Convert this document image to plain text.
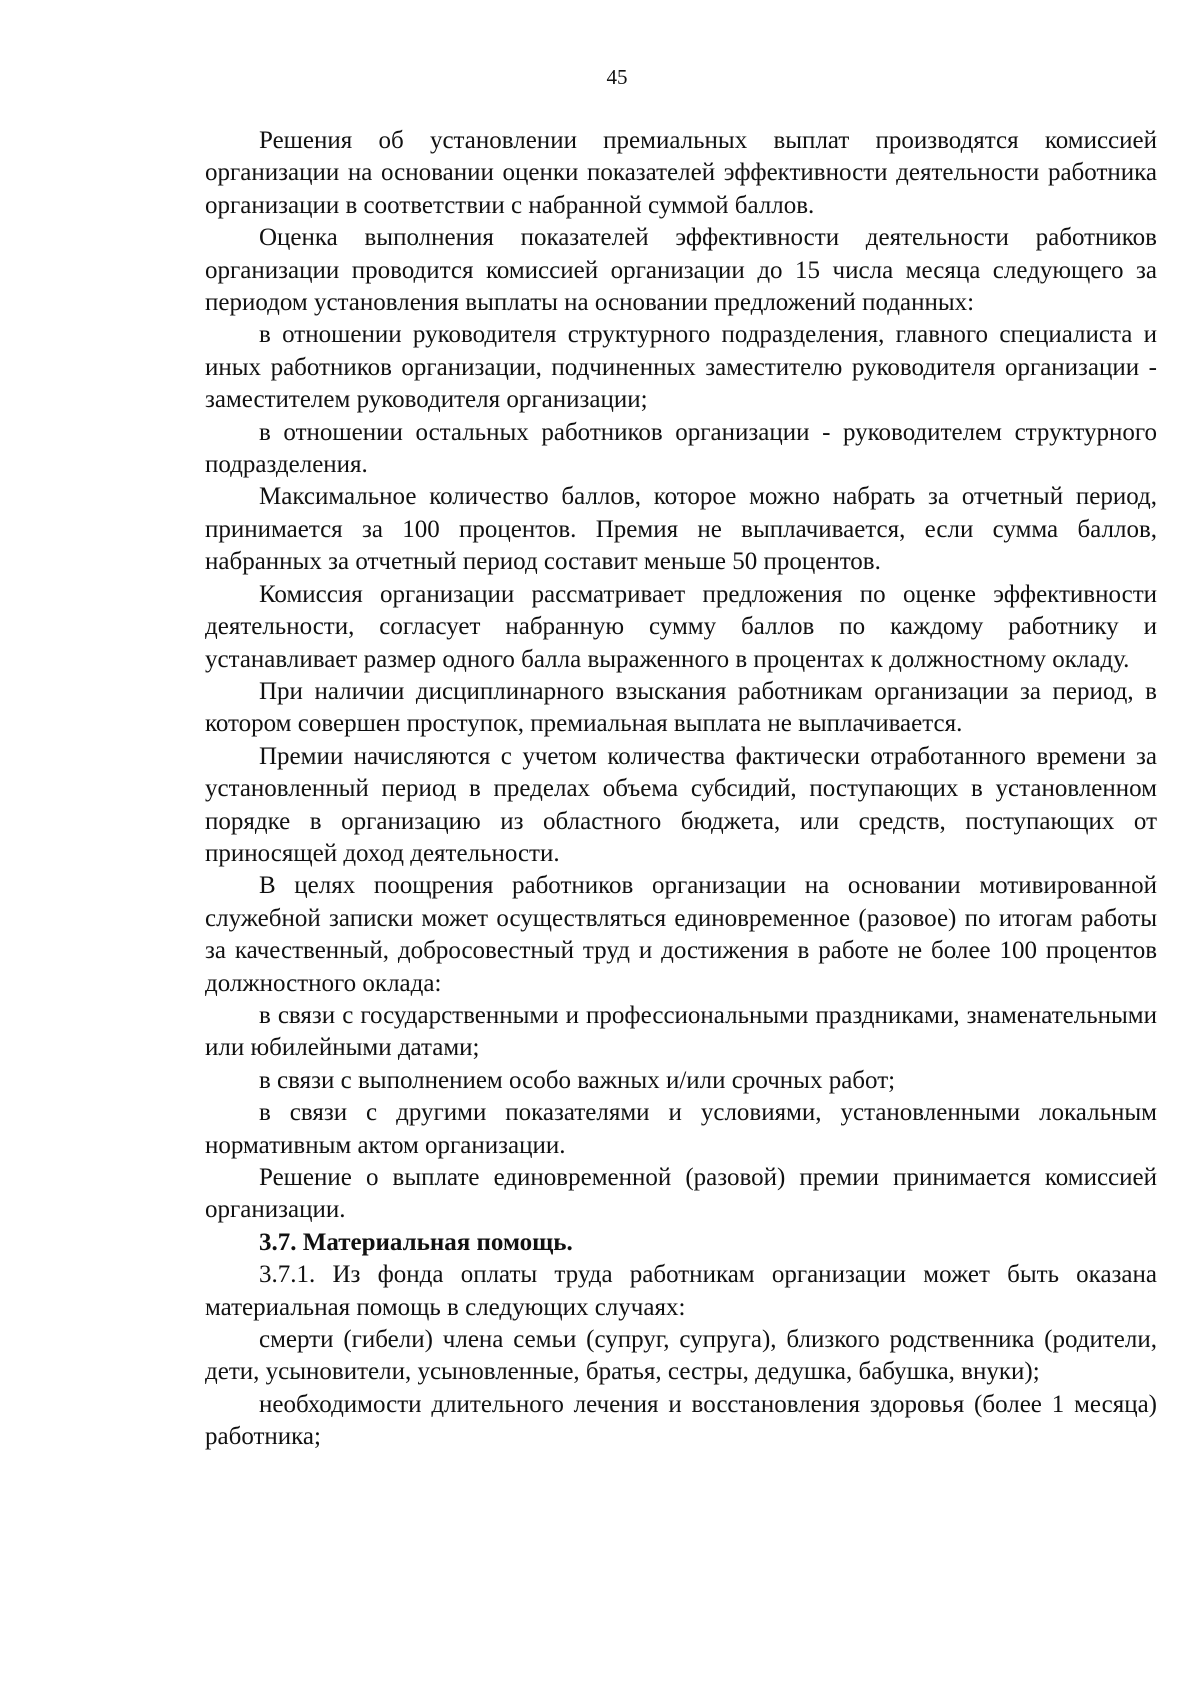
45

Решения об установлении премиальных выплат производятся комиссией организации на основании оценки показателей эффективности деятельности работника организации в соответствии с набранной суммой баллов.

Оценка выполнения показателей эффективности деятельности работников организации проводится комиссией организации до 15 числа месяца следующего за периодом установления выплаты на основании предложений поданных:

в отношении руководителя структурного подразделения, главного специалиста и иных работников организации, подчиненных заместителю руководителя организации - заместителем руководителя организации;

в отношении остальных работников организации - руководителем структурного подразделения.

Максимальное количество баллов, которое можно набрать за отчетный период, принимается за 100 процентов. Премия не выплачивается, если сумма баллов, набранных за отчетный период составит меньше 50 процентов.

Комиссия организации рассматривает предложения по оценке эффективности деятельности, согласует набранную сумму баллов по каждому работнику и устанавливает размер одного балла выраженного в процентах к должностному окладу.

При наличии дисциплинарного взыскания работникам организации за период, в котором совершен проступок, премиальная выплата не выплачивается.

Премии начисляются с учетом количества фактически отработанного времени за установленный период в пределах объема субсидий, поступающих в установленном порядке в организацию из областного бюджета, или средств, поступающих от приносящей доход деятельности.

В целях поощрения работников организации на основании мотивированной служебной записки может осуществляться единовременное (разовое) по итогам работы за качественный, добросовестный труд и достижения в работе не более 100 процентов должностного оклада:

в связи с государственными и профессиональными праздниками, знаменательными или юбилейными датами;

в связи с выполнением особо важных и/или срочных работ;

в связи с другими показателями и условиями, установленными локальным нормативным актом организации.

Решение о выплате единовременной (разовой) премии принимается комиссией организации.

3.7. Материальная помощь.

3.7.1. Из фонда оплаты труда работникам организации может быть оказана материальная помощь в следующих случаях:

смерти (гибели) члена семьи (супруг, супруга), близкого родственника (родители, дети, усыновители, усыновленные, братья, сестры, дедушка, бабушка, внуки);

необходимости длительного лечения и восстановления здоровья (более 1 месяца) работника;
